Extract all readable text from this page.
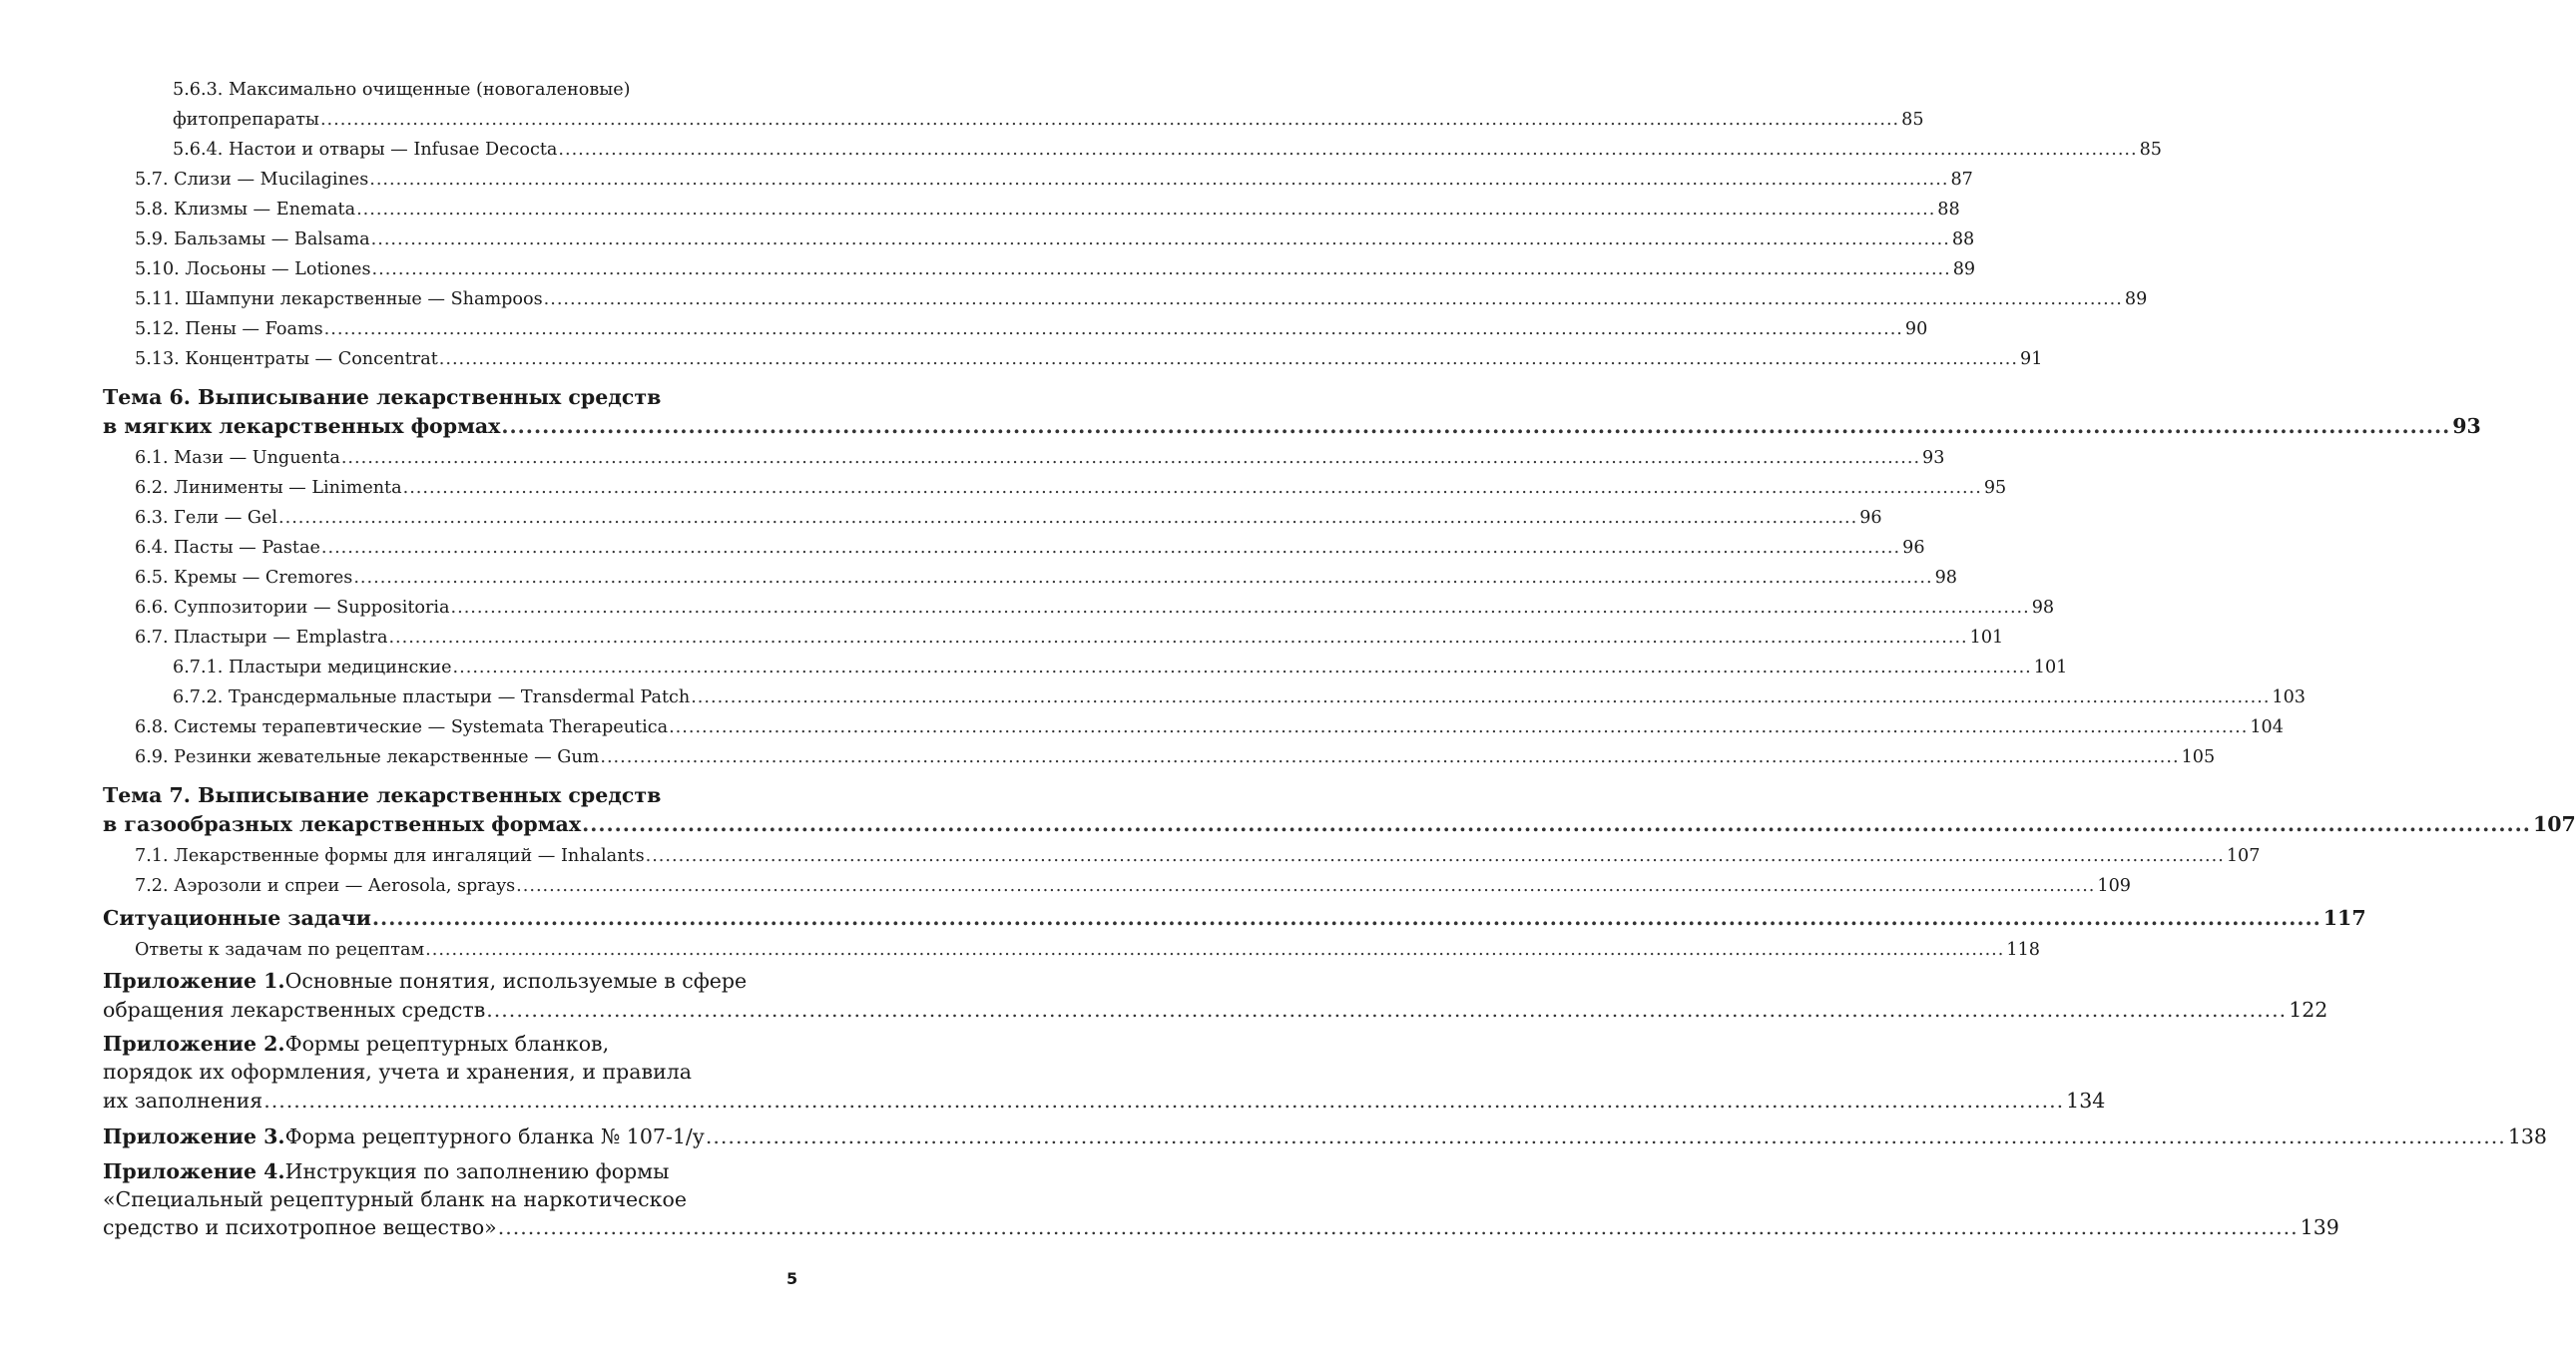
5.6.3. Максимально очищенные (новогаленовые)
фитопрепараты ................................................................................................................................................................................................................................................ 85
5.6.4. Настои и отвары — Infusae Decocta ................................................................................................................................................................................................................................................ 85
5.7. Слизи — Mucilagines ................................................................................................................................................................................................................................................ 87
5.8. Клизмы — Enemata ................................................................................................................................................................................................................................................ 88
5.9. Бальзамы — Balsama ................................................................................................................................................................................................................................................ 88
5.10. Лосьоны — Lotiones ................................................................................................................................................................................................................................................ 89
5.11. Шампуни лекарственные — Shampoos ................................................................................................................................................................................................................................................ 89
5.12. Пены — Foams ................................................................................................................................................................................................................................................ 90
5.13. Концентраты — Concentrat ................................................................................................................................................................................................................................................ 91
Тема 6. Выписывание лекарственных средств
в мягких лекарственных формах ................................................................................................................................................................................................................................................ 93
6.1. Мази — Unguenta ................................................................................................................................................................................................................................................ 93
6.2. Линименты — Linimenta ................................................................................................................................................................................................................................................ 95
6.3. Гели — Gel ................................................................................................................................................................................................................................................ 96
6.4. Пасты — Pastae ................................................................................................................................................................................................................................................ 96
6.5. Кремы — Cremores ................................................................................................................................................................................................................................................ 98
6.6. Суппозитории — Suppositoria ................................................................................................................................................................................................................................................ 98
6.7. Пластыри — Emplastra ................................................................................................................................................................................................................................................ 101
6.7.1. Пластыри медицинские ................................................................................................................................................................................................................................................ 101
6.7.2. Трансдермальные пластыри — Transdermal Patch ................................................................................................................................................................................................................................................ 103
6.8. Системы терапевтические — Systemata Therapeutica ................................................................................................................................................................................................................................................ 104
6.9. Резинки жевательные лекарственные — Gum ................................................................................................................................................................................................................................................ 105
Тема 7. Выписывание лекарственных средств
в газообразных лекарственных формах ................................................................................................................................................................................................................................................ 107
7.1. Лекарственные формы для ингаляций — Inhalants ................................................................................................................................................................................................................................................ 107
7.2. Аэрозоли и спреи — Aerosola, sprays ................................................................................................................................................................................................................................................ 109
Ситуационные задачи ................................................................................................................................................................................................................................................ 117
Ответы к задачам по рецептам ................................................................................................................................................................................................................................................ 118
Приложение 1. Основные понятия, используемые в сфере
обращения лекарственных средств ................................................................................................................................................................................................................................................ 122
Приложение 2. Формы рецептурных бланков,
порядок их оформления, учета и хранения, и правила
их заполнения ................................................................................................................................................................................................................................................ 134
Приложение 3. Форма рецептурного бланка № 107-1/у ................................................................................................................................................................................................................................................ 138
Приложение 4. Инструкция по заполнению формы
«Специальный рецептурный бланк на наркотическое
средство и психотропное вещество» ................................................................................................................................................................................................................................................ 139
5
